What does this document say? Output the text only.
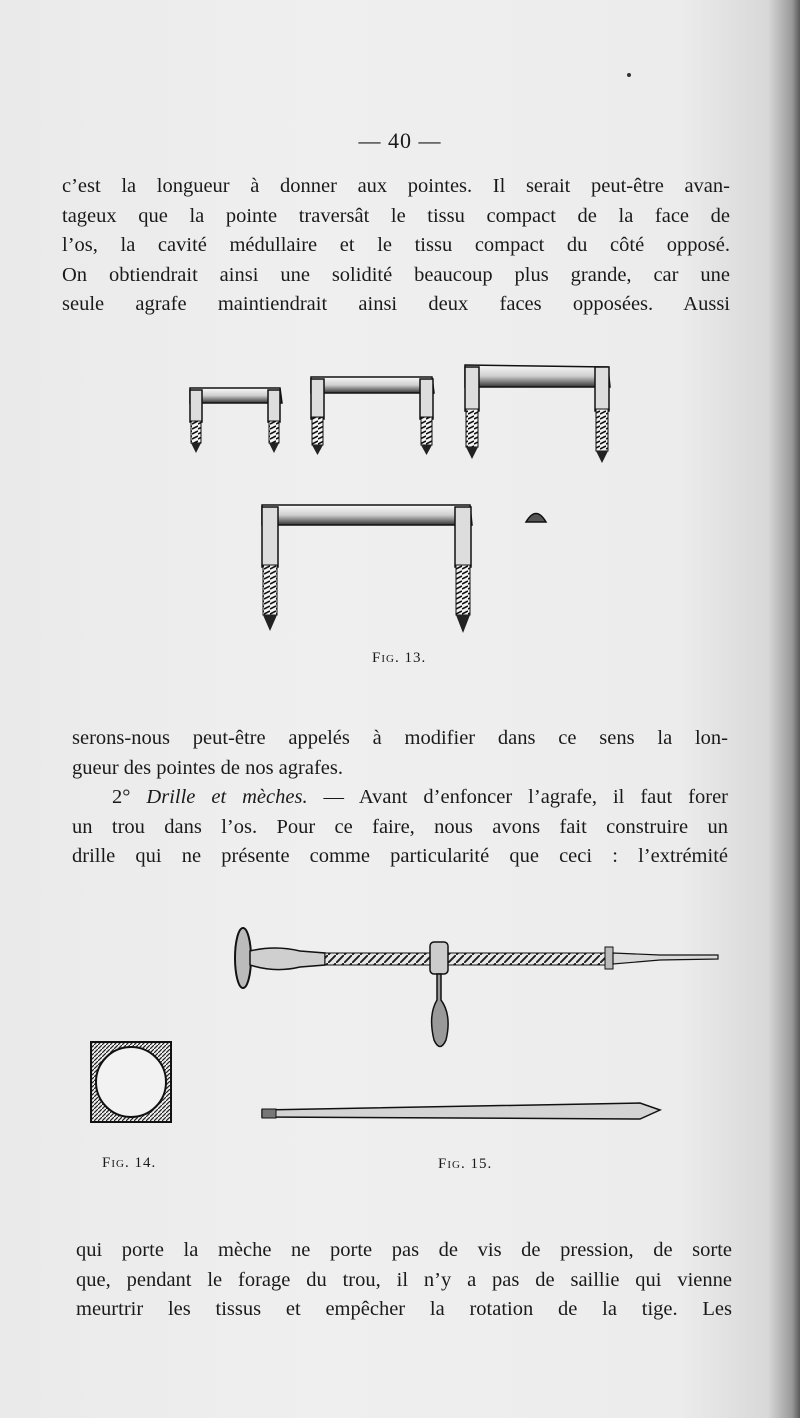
— 40 —
c’est la longueur à donner aux pointes. Il serait peut-être avan-
tageux que la pointe traversât le tissu compact de la face de
l’os, la cavité médullaire et le tissu compact du côté opposé.
On obtiendrait ainsi une solidité beaucoup plus grande, car une
seule agrafe maintiendrait ainsi deux faces opposées. Aussi
Fig. 13.
serons-nous peut-être appelés à modifier dans ce sens la lon-
gueur des pointes de nos agrafes.
2° Drille et mèches. — Avant d’enfoncer l’agrafe, il faut forer
un trou dans l’os. Pour ce faire, nous avons fait construire un
drille qui ne présente comme particularité que ceci : l’extrémité
Fig. 14.	Fig. 15.
qui porte la mèche ne porte pas de vis de pression, de sorte
que, pendant le forage du trou, il n’y a pas de saillie qui vienne
meurtrir les tissus et empêcher la rotation de la tige. Les
